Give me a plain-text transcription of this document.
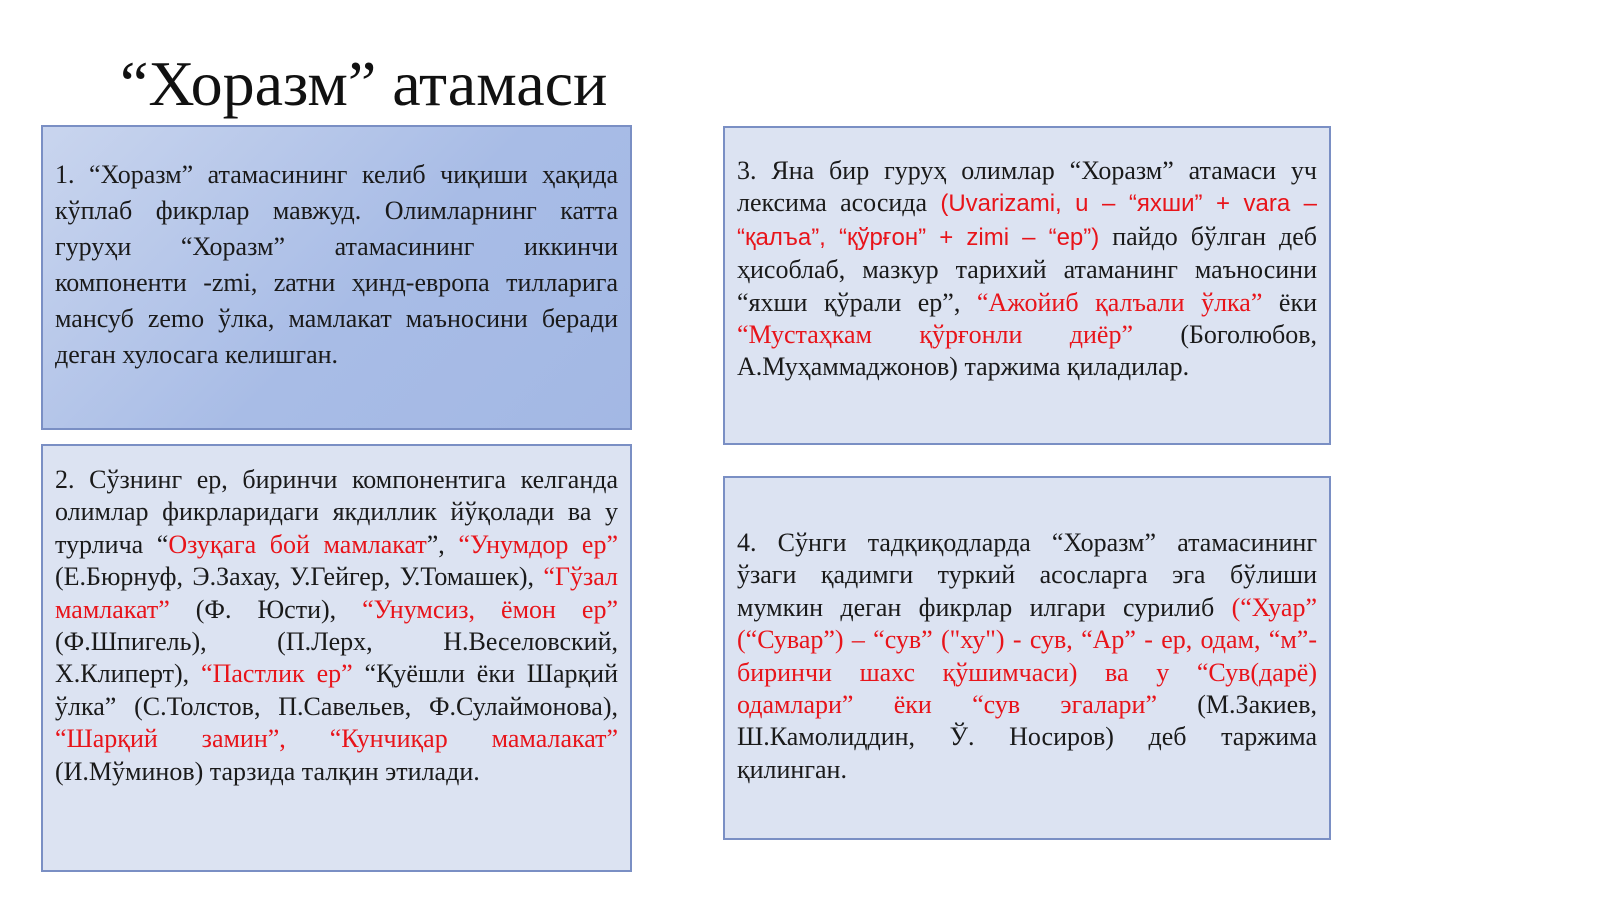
“Хоразм” атамаси

1. “Хоразм” атамасининг келиб чиқиши ҳақида кўплаб фикрлар мавжуд. Олимларнинг катта гуруҳи “Хоразм” атамасининг иккинчи компоненти -zmi, zатни ҳинд-европа тилларига мансуб zemo ўлка, мамлакат маъносини беради деган хулосага келишган.

2. Сўзнинг ер, биринчи компонентига келганда олимлар фикрларидаги якдиллик йўқолади ва у турлича “Озуқага бой мамлакат”, “Унумдор ер” (Е.Бюрнуф, Э.Захау, У.Гейгер, У.Томашек), “Гўзал мамлакат” (Ф. Юсти), “Унумсиз, ёмон ер” (Ф.Шпигель), (П.Лерх, Н.Веселовский, Х.Клиперт), “Пастлик ер” “Қуёшли ёки Шарқий ўлка” (С.Толстов, П.Савельев, Ф.Сулаймонова), “Шарқий замин”, “Кунчиқар мамалакат” (И.Мўминов) тарзида талқин этилади.

3. Яна бир гуруҳ олимлар “Хоразм” атамаси уч лексима асосида (Uvarizami, u – “яхши” + vara – “қалъа”, “қўрғон” + zimi – “ер”) пайдо бўлган деб ҳисоблаб, мазкур тарихий атаманинг маъносини “яхши қўрали ер”, “Ажойиб қалъали ўлка” ёки “Мустаҳкам қўрғонли диёр” (Боголюбов, А.Муҳаммаджонов) таржима қиладилар.

4. Сўнги тадқиқодларда “Хоразм” атамасининг ўзаги қадимги туркий асосларга эга бўлиши мумкин деган фикрлар илгари сурилиб (“Хуар” (“Сувар”) – “сув” ("ху") - сув, “Ар” - ер, одам, “м”- биринчи шахс қўшимчаси) ва у “Сув(дарё) одамлари” ёки “сув эгалари” (М.Закиев, Ш.Камолиддин, Ў. Носиров) деб таржима қилинган.
